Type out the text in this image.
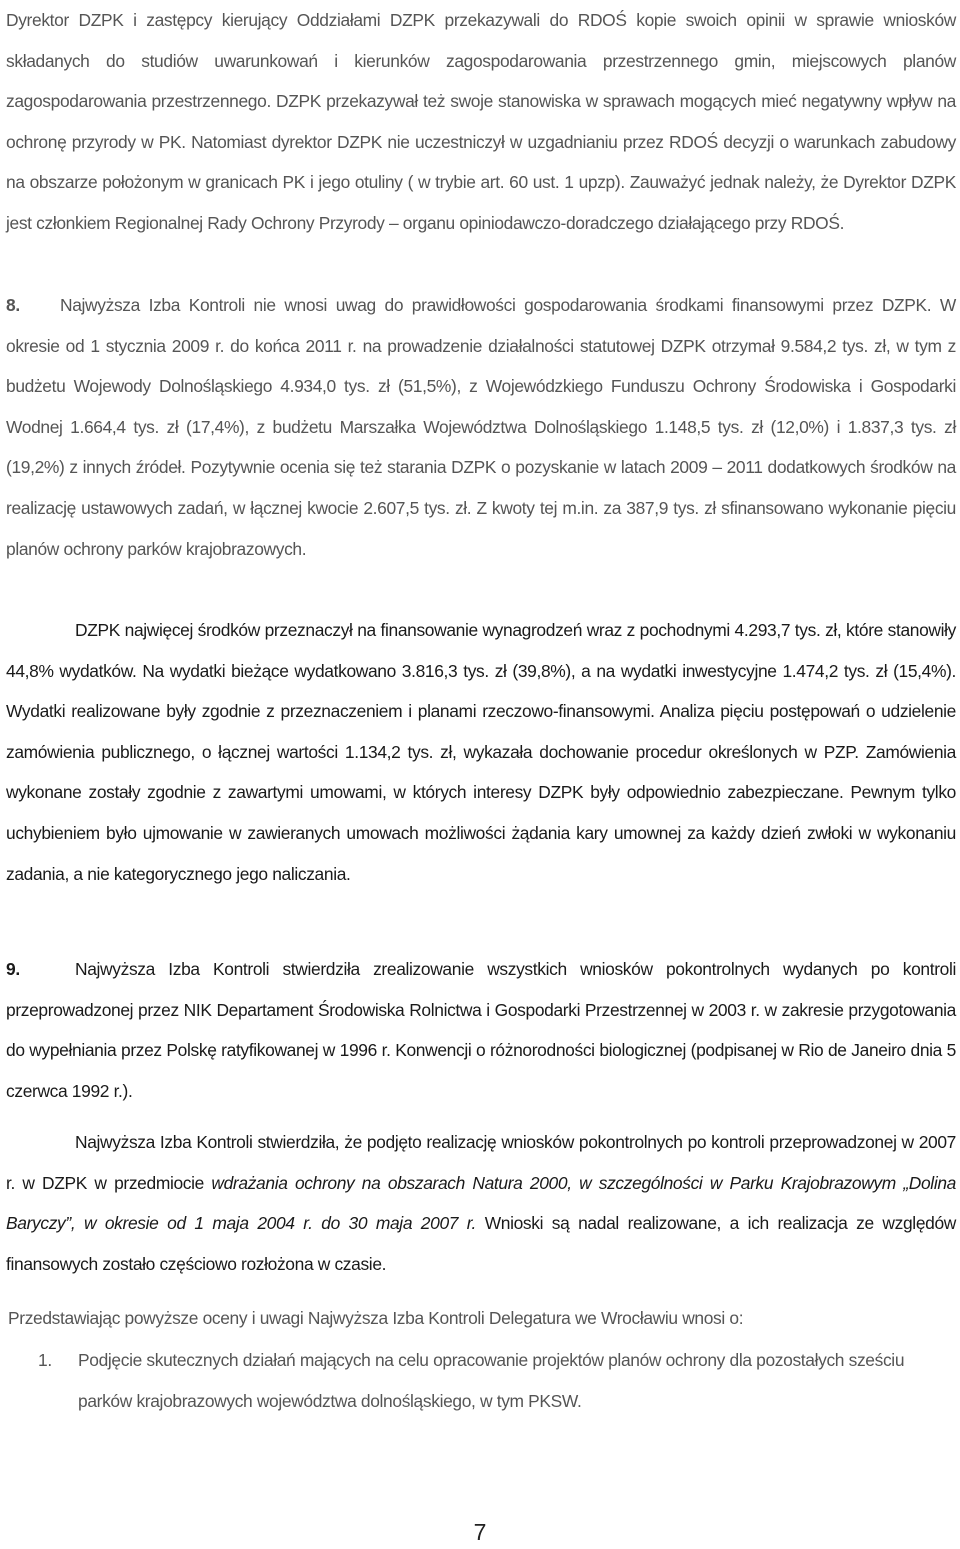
Dyrektor DZPK i zastępcy kierujący Oddziałami DZPK przekazywali do RDOŚ kopie swoich opinii w sprawie wniosków składanych do studiów uwarunkowań i kierunków zagospodarowania przestrzennego gmin, miejscowych planów zagospodarowania przestrzennego. DZPK przekazywał też swoje stanowiska w sprawach mogących mieć negatywny wpływ na ochronę przyrody w PK. Natomiast dyrektor DZPK nie uczestniczył w uzgadnianiu przez RDOŚ decyzji o warunkach zabudowy na obszarze położonym w granicach PK i jego otuliny ( w trybie art. 60 ust. 1 upzp). Zauważyć jednak należy, że Dyrektor DZPK jest członkiem Regionalnej Rady Ochrony Przyrody – organu opiniodawczo-doradczego działającego przy RDOŚ.

8. Najwyższa Izba Kontroli nie wnosi uwag do prawidłowości gospodarowania środkami finansowymi przez DZPK. W okresie od 1 stycznia 2009 r. do końca 2011 r. na prowadzenie działalności statutowej DZPK otrzymał 9.584,2 tys. zł, w tym z budżetu Wojewody Dolnośląskiego 4.934,0 tys. zł (51,5%), z Wojewódzkiego Funduszu Ochrony Środowiska i Gospodarki Wodnej 1.664,4 tys. zł (17,4%), z budżetu Marszałka Województwa Dolnośląskiego 1.148,5 tys. zł (12,0%) i 1.837,3 tys. zł (19,2%) z innych źródeł. Pozytywnie ocenia się też starania DZPK o pozyskanie w latach 2009 – 2011 dodatkowych środków na realizację ustawowych zadań, w łącznej kwocie 2.607,5 tys. zł. Z kwoty tej m.in. za 387,9 tys. zł sfinansowano wykonanie pięciu planów ochrony parków krajobrazowych.

DZPK najwięcej środków przeznaczył na finansowanie wynagrodzeń wraz z pochodnymi 4.293,7 tys. zł, które stanowiły 44,8% wydatków. Na wydatki bieżące wydatkowano 3.816,3 tys. zł (39,8%), a na wydatki inwestycyjne 1.474,2 tys. zł (15,4%). Wydatki realizowane były zgodnie z przeznaczeniem i planami rzeczowo-finansowymi. Analiza pięciu postępowań o udzielenie zamówienia publicznego, o łącznej wartości 1.134,2 tys. zł, wykazała dochowanie procedur określonych w PZP. Zamówienia wykonane zostały zgodnie z zawartymi umowami, w których interesy DZPK były odpowiednio zabezpieczane. Pewnym tylko uchybieniem było ujmowanie w zawieranych umowach możliwości żądania kary umownej za każdy dzień zwłoki w wykonaniu zadania, a nie kategorycznego jego naliczania.

9.	Najwyższa Izba Kontroli stwierdziła zrealizowanie wszystkich wniosków pokontrolnych wydanych po kontroli przeprowadzonej przez NIK Departament Środowiska Rolnictwa i Gospodarki Przestrzennej w 2003 r. w zakresie przygotowania do wypełniania przez Polskę ratyfikowanej w 1996 r. Konwencji o różnorodności biologicznej (podpisanej w Rio de Janeiro dnia 5 czerwca 1992 r.).

Najwyższa Izba Kontroli stwierdziła, że podjęto realizację wniosków pokontrolnych po kontroli przeprowadzonej w 2007 r. w DZPK w przedmiocie wdrażania ochrony na obszarach Natura 2000, w szczególności w Parku Krajobrazowym „Dolina Baryczy”, w okresie od 1 maja 2004 r. do 30 maja 2007 r. Wnioski są nadal realizowane, a ich realizacja ze względów finansowych zostało częściowo rozłożona w czasie.

Przedstawiając powyższe oceny i uwagi Najwyższa Izba Kontroli Delegatura we Wrocławiu wnosi o:
1. Podjęcie skutecznych działań mających na celu opracowanie projektów planów ochrony dla pozostałych sześciu parków krajobrazowych województwa dolnośląskiego, w tym PKSW.
7
